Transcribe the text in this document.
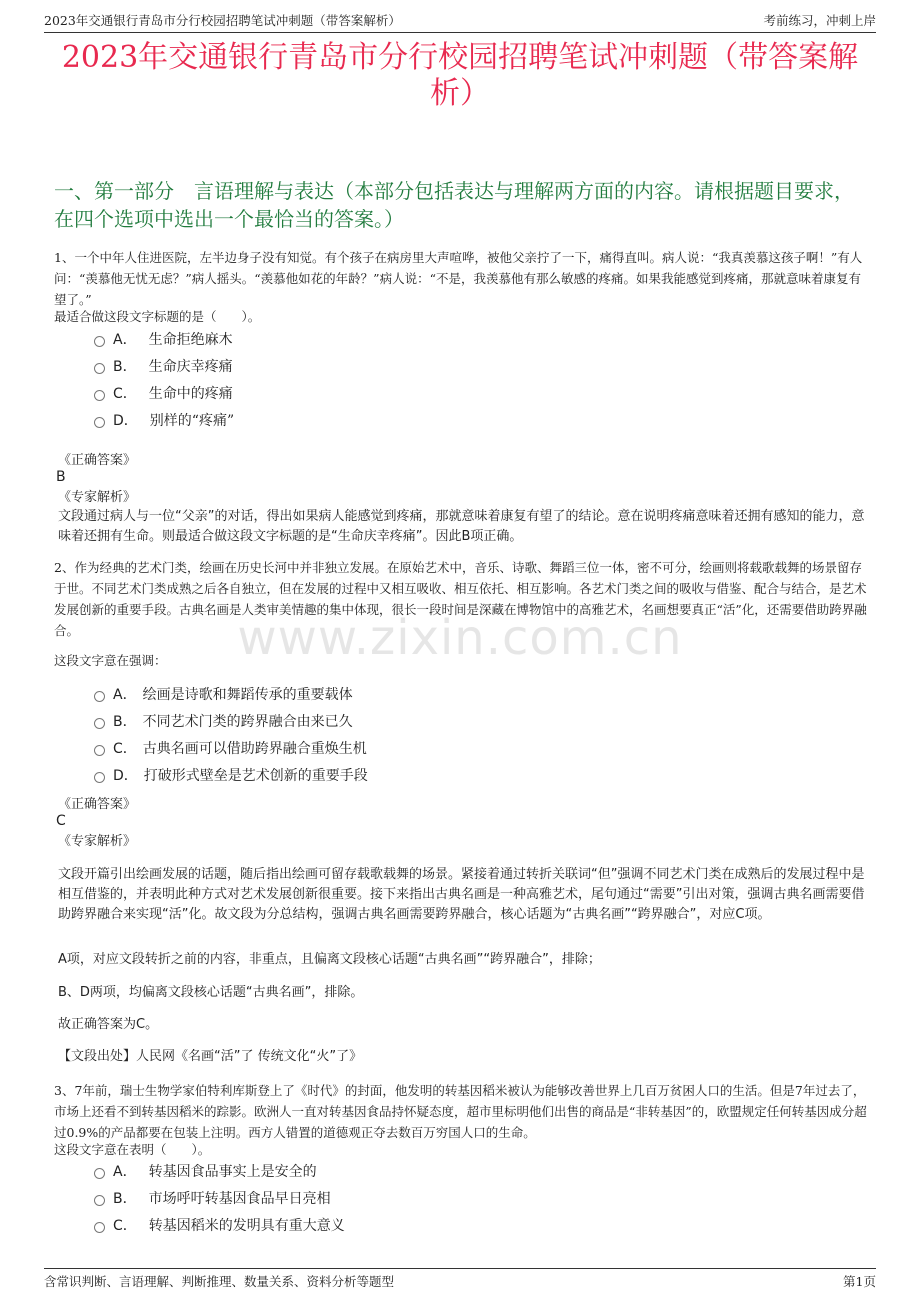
2023年交通银行青岛市分行校园招聘笔试冲刺题（带答案解析）	考前练习，冲刺上岸
2023年交通银行青岛市分行校园招聘笔试冲刺题（带答案解析）
一、第一部分　言语理解与表达（本部分包括表达与理解两方面的内容。请根据题目要求，在四个选项中选出一个最恰当的答案。）
www.zixin.com.cn

1、一个中年人住进医院，左半边身子没有知觉。有个孩子在病房里大声喧哗，被他父亲拧了一下，痛得直叫。病人说：“我真羡慕这孩子啊！”有人问：“羡慕他无忧无虑？”病人摇头。“羡慕他如花的年龄？”病人说：“不是，我羡慕他有那么敏感的疼痛。如果我能感觉到疼痛，那就意味着康复有望了。”

最适合做这段文字标题的是（　　）。

A． 生命拒绝麻木
B． 生命庆幸疼痛
C． 生命中的疼痛
D． 别样的“疼痛”

《正确答案》

B

《专家解析》

文段通过病人与一位“父亲”的对话，得出如果病人能感觉到疼痛，那就意味着康复有望了的结论。意在说明疼痛意味着还拥有感知的能力，意味着还拥有生命。则最适合做这段文字标题的是“生命庆幸疼痛”。因此B项正确。

2、作为经典的艺术门类，绘画在历史长河中并非独立发展。在原始艺术中，音乐、诗歌、舞蹈三位一体，密不可分，绘画则将载歌载舞的场景留存于世。不同艺术门类成熟之后各自独立，但在发展的过程中又相互吸收、相互依托、相互影响。各艺术门类之间的吸收与借鉴、配合与结合，是艺术发展创新的重要手段。古典名画是人类审美情趣的集中体现，很长一段时间是深藏在博物馆中的高雅艺术，名画想要真正“活”化，还需要借助跨界融合。

这段文字意在强调：

A． 绘画是诗歌和舞蹈传承的重要载体
B． 不同艺术门类的跨界融合由来已久
C． 古典名画可以借助跨界融合重焕生机
D． 打破形式壁垒是艺术创新的重要手段

《正确答案》

C

《专家解析》

文段开篇引出绘画发展的话题，随后指出绘画可留存载歌载舞的场景。紧接着通过转折关联词“但”强调不同艺术门类在成熟后的发展过程中是相互借鉴的，并表明此种方式对艺术发展创新很重要。接下来指出古典名画是一种高雅艺术，尾句通过“需要”引出对策，强调古典名画需要借助跨界融合来实现“活”化。故文段为分总结构，强调古典名画需要跨界融合，核心话题为“古典名画”“跨界融合”，对应C项。

A项，对应文段转折之前的内容，非重点，且偏离文段核心话题“古典名画”“跨界融合”，排除；

B、D两项，均偏离文段核心话题“古典名画”，排除。

故正确答案为C。

【文段出处】人民网《名画“活”了 传统文化“火”了》

3、7年前，瑞士生物学家伯特利库斯登上了《时代》的封面，他发明的转基因稻米被认为能够改善世界上几百万贫困人口的生活。但是7年过去了，市场上还看不到转基因稻米的踪影。欧洲人一直对转基因食品持怀疑态度，超市里标明他们出售的商品是“非转基因”的，欧盟规定任何转基因成分超过0.9%的产品都要在包装上注明。西方人错置的道德观正夺去数百万穷国人口的生命。

这段文字意在表明（　　）。

A． 转基因食品事实上是安全的
B． 市场呼吁转基因食品早日亮相
C． 转基因稻米的发明具有重大意义
含常识判断、言语理解、判断推理、数量关系、资料分析等题型	第1页
